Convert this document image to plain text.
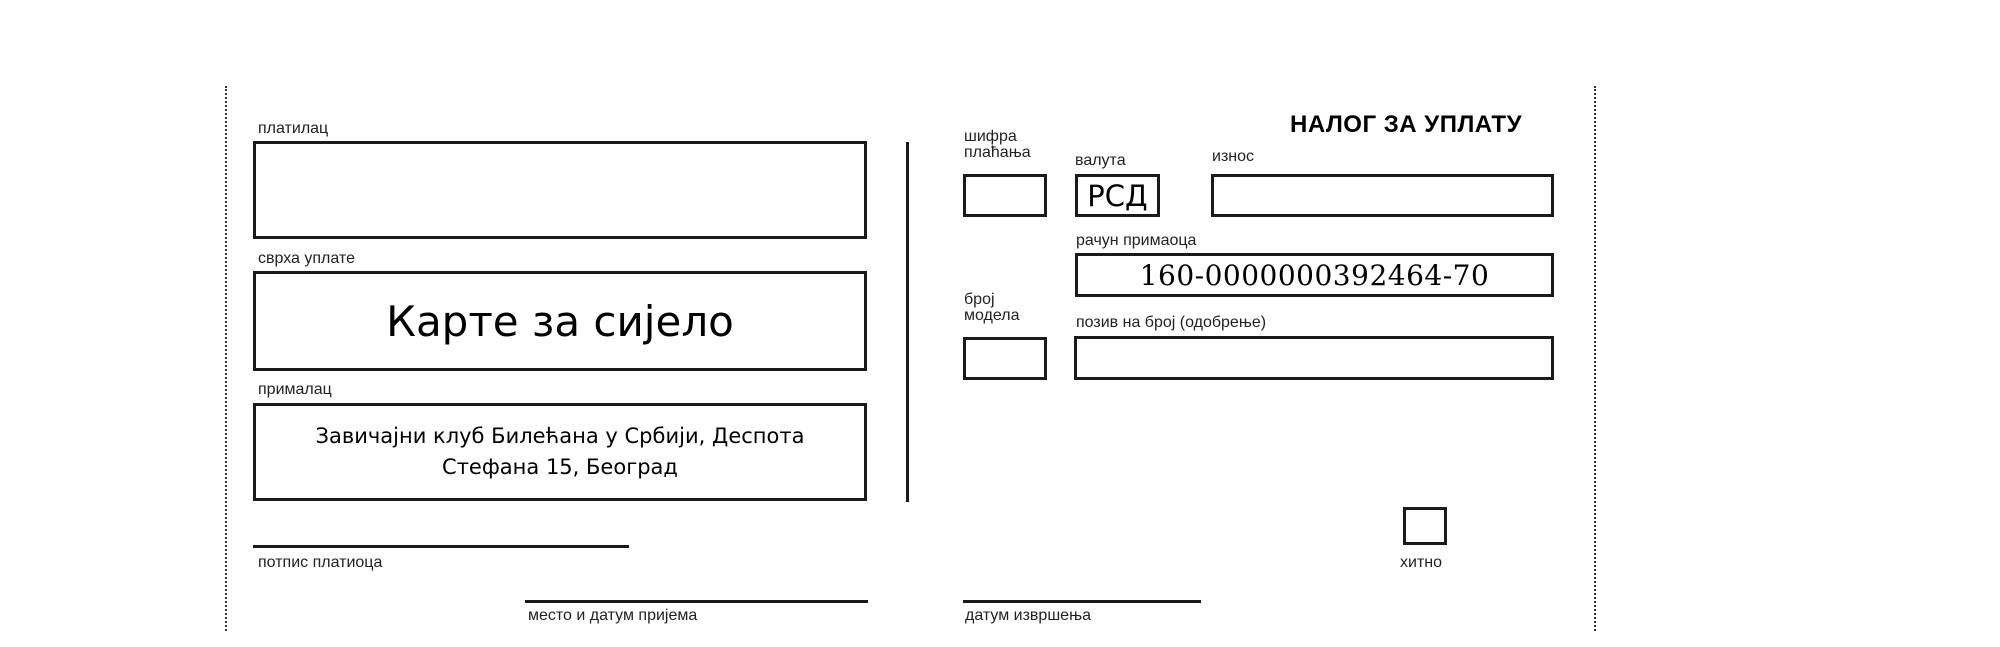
платилац
сврха уплате
Карте за сијело
прималац
Завичајни клуб Билећана у Србији, Деспота
Стефана 15, Београд
потпис платиоца
место и датум пријема
НАЛОГ ЗА УПЛАТУ
шифра
плаћања	валута
РСД
износ
рачун примаоца
160-0000000392464-70
број
модела	позив на број (одобрење)
хитно
датум извршења
